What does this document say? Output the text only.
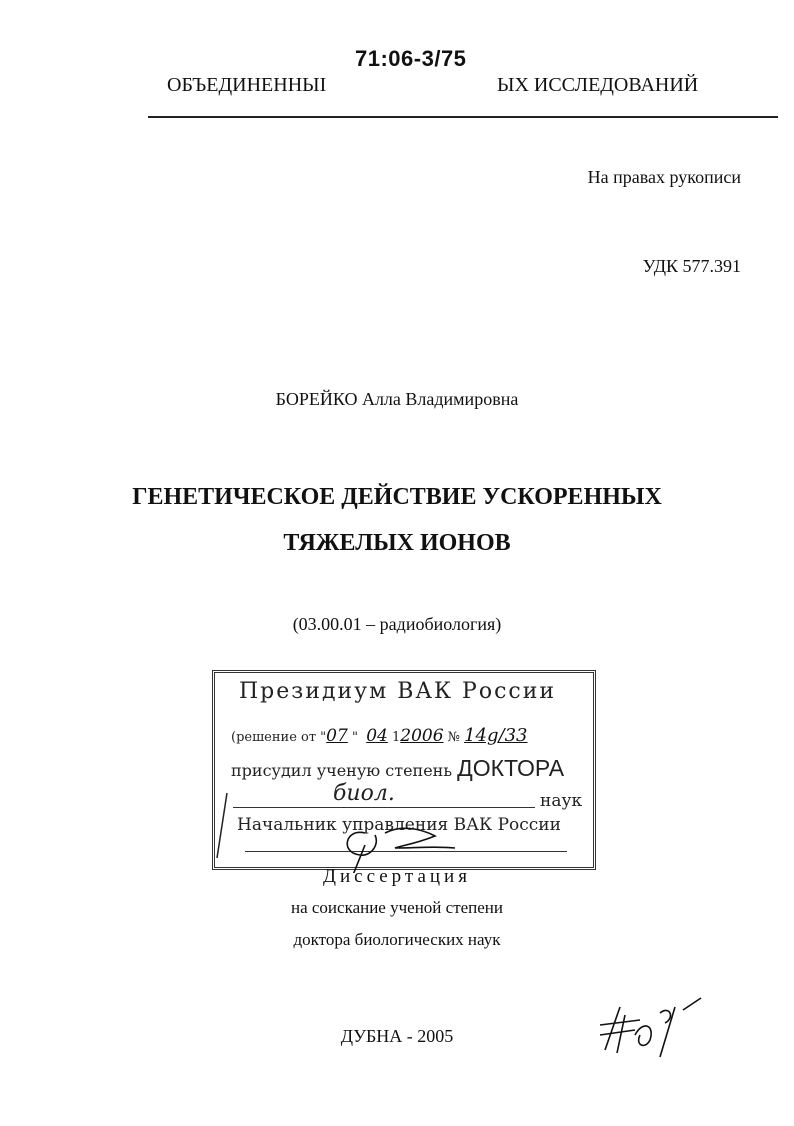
71:06-3/75
ОБЪЕДИНЕННЫI	ЫХ ИССЛЕДОВАНИЙ
На правах рукописи
УДК 577.391
БОРЕЙКО Алла Владимировна
ГЕНЕТИЧЕСКОЕ ДЕЙСТВИЕ УСКОРЕННЫХ
ТЯЖЕЛЫХ ИОНОВ
(03.00.01 – радиобиология)
Президиум ВАК России
(решение от "07 " 04 12006 № 14g/33
присудил ученую степень ДОКТОРА
биол.	наук
Начальник управления ВАК России
Диссертация
на соискание ученой степени
доктора биологических наук
ДУБНА - 2005
